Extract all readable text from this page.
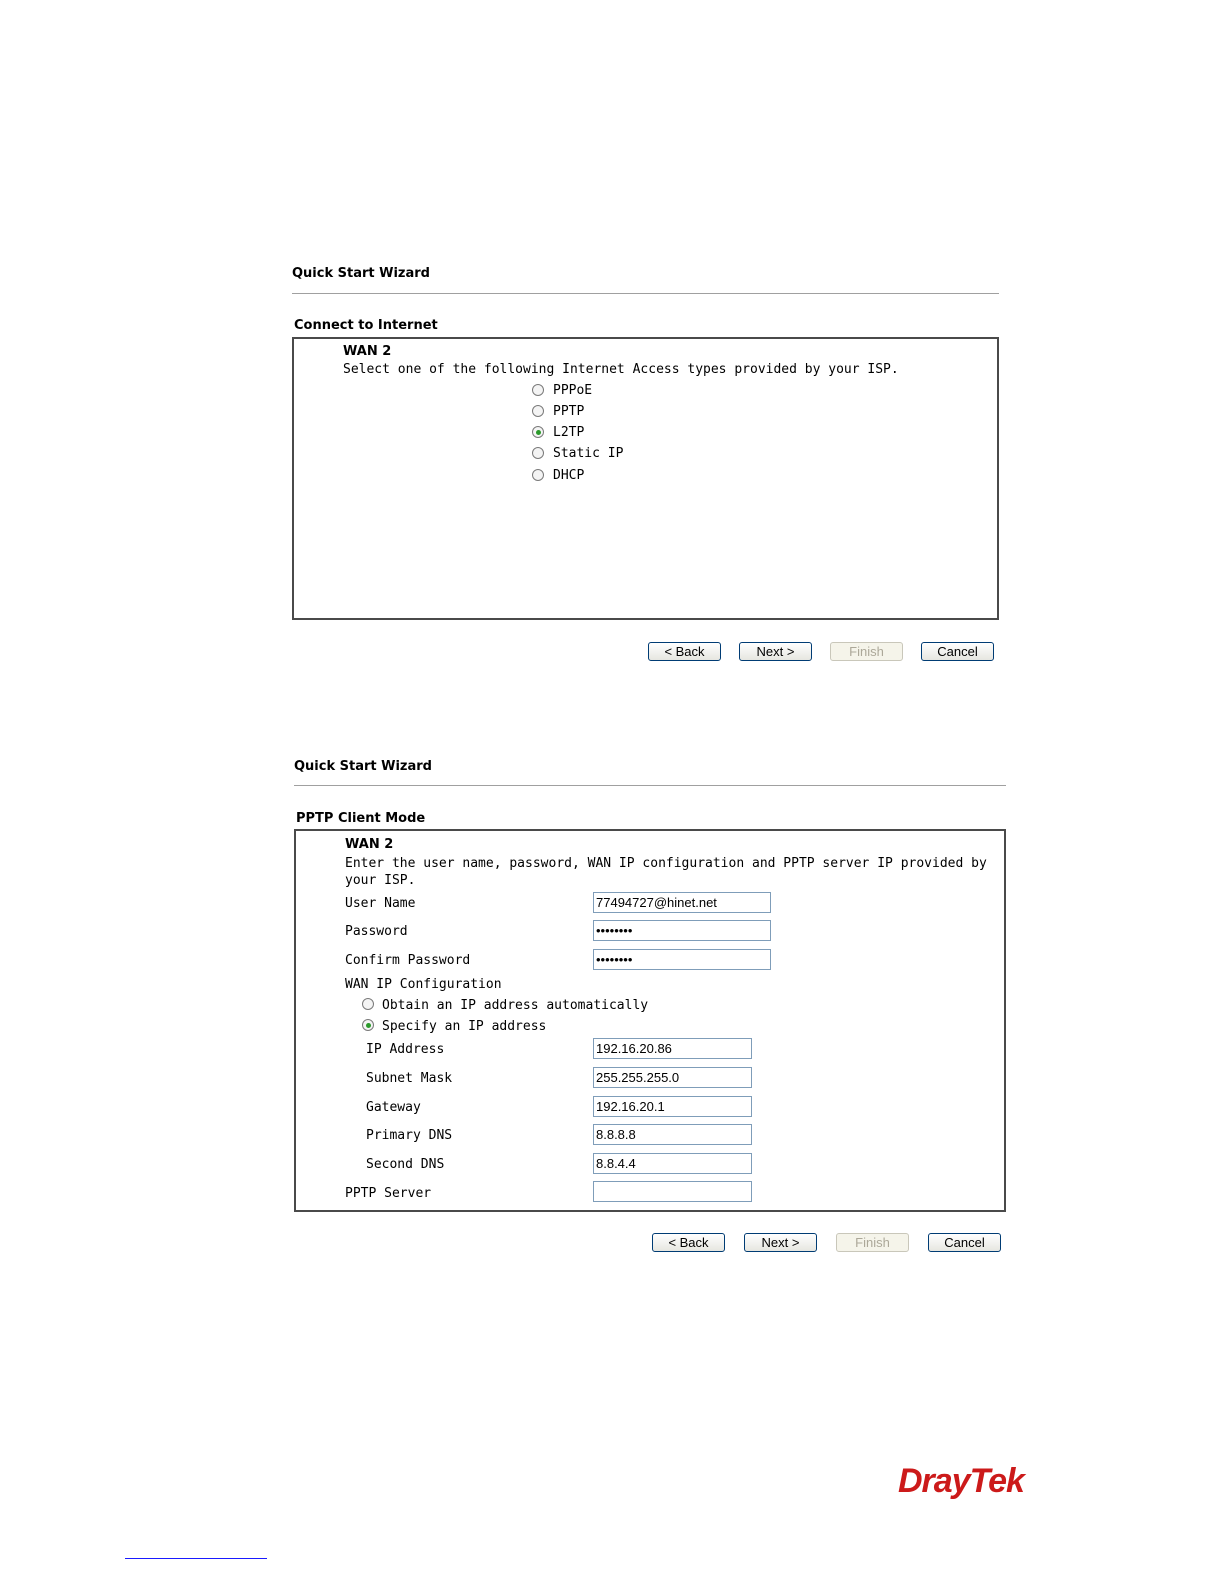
Quick Start Wizard
Connect to Internet
WAN 2
Select one of the following Internet Access types provided by your ISP.
PPPoE
PPTP
L2TP
Static IP
DHCP
< Back	Next >	Finish	Cancel
Quick Start Wizard
PPTP Client Mode
WAN 2
Enter the user name, password, WAN IP configuration and PPTP server IP provided by
your ISP.
User Name	77494727@hinet.net
Password	••••••••
Confirm Password	••••••••
WAN IP Configuration
Obtain an IP address automatically
Specify an IP address
IP Address	192.16.20.86
Subnet Mask	255.255.255.0
Gateway	192.16.20.1
Primary DNS	8.8.8.8
Second DNS	8.8.4.4
PPTP Server
< Back	Next >	Finish	Cancel
DrayTek
